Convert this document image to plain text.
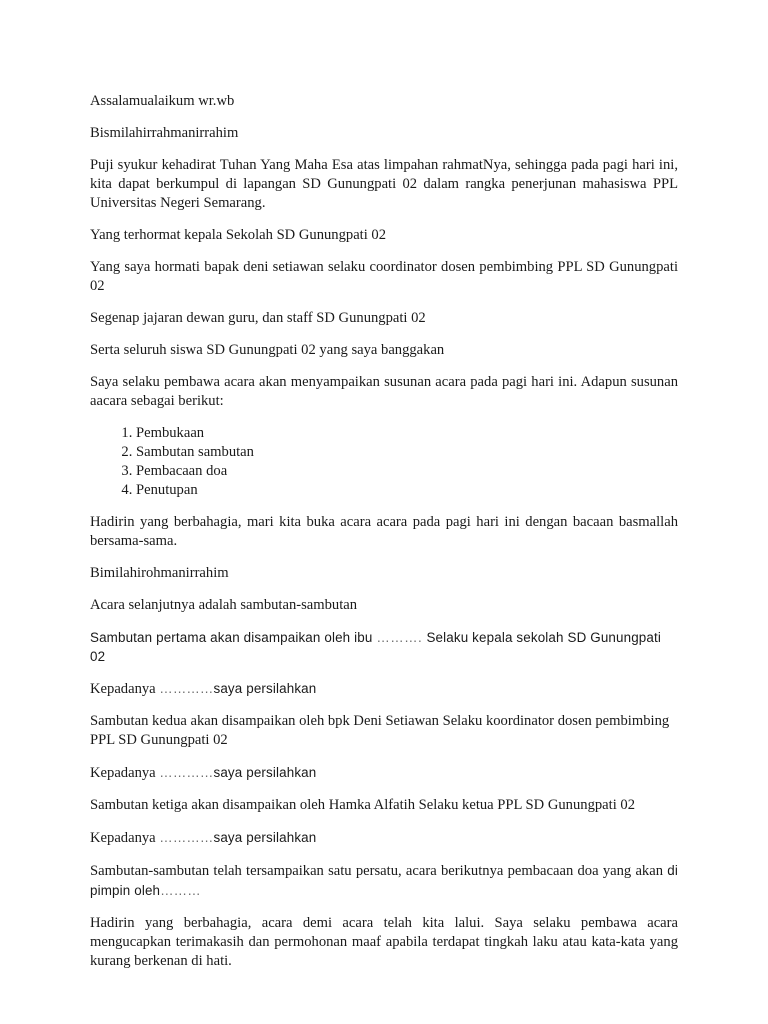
Assalamualaikum wr.wb

Bismilahirrahmanirrahim

Puji syukur kehadirat Tuhan Yang Maha Esa atas limpahan rahmatNya, sehingga pada pagi hari ini, kita dapat berkumpul di lapangan SD Gunungpati 02 dalam rangka penerjunan mahasiswa PPL Universitas Negeri Semarang.

Yang terhormat kepala Sekolah SD Gunungpati 02

Yang saya hormati bapak deni setiawan selaku coordinator dosen pembimbing PPL SD Gunungpati 02

Segenap jajaran dewan guru, dan staff SD Gunungpati 02

Serta seluruh siswa SD Gunungpati 02 yang saya banggakan

Saya selaku pembawa acara akan menyampaikan susunan acara pada pagi hari ini. Adapun susunan aacara sebagai berikut:

1. Pembukaan
2. Sambutan sambutan
3. Pembacaan doa
4. Penutupan

Hadirin yang berbahagia, mari kita buka acara acara pada pagi hari ini dengan bacaan basmallah bersama-sama.

Bimilahirohmanirrahim

Acara selanjutnya adalah sambutan-sambutan

Sambutan pertama akan disampaikan oleh ibu ………. Selaku kepala sekolah SD Gunungpati 02

Kepadanya …………saya persilahkan

Sambutan kedua akan disampaikan oleh bpk Deni Setiawan Selaku koordinator dosen pembimbing PPL SD Gunungpati 02

Kepadanya …………saya persilahkan

Sambutan ketiga akan disampaikan oleh Hamka Alfatih Selaku ketua PPL SD Gunungpati 02

Kepadanya …………saya persilahkan

Sambutan-sambutan telah tersampaikan satu persatu, acara berikutnya pembacaan doa yang akan di pimpin oleh………

Hadirin yang berbahagia, acara demi acara telah kita lalui. Saya selaku pembawa acara mengucapkan terimakasih dan permohonan maaf apabila terdapat tingkah laku atau kata-kata yang kurang berkenan di hati.
